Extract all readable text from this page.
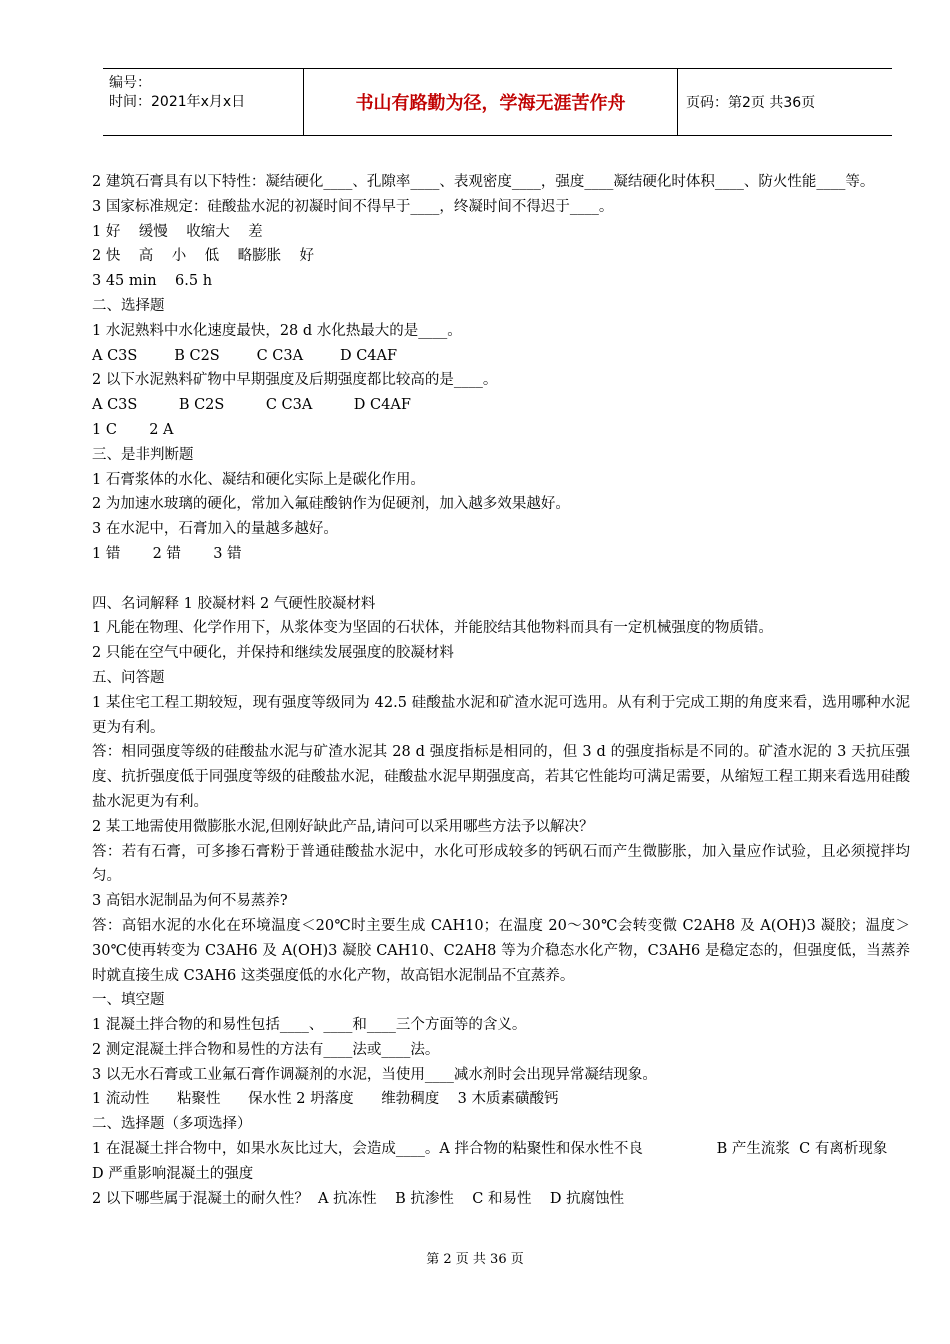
编号：
时间：2021年x月x日	书山有路勤为径，学海无涯苦作舟	页码：第2页 共36页

2 建筑石膏具有以下特性：凝结硬化____、孔隙率____、表观密度____，强度____凝结硬化时体积____、防火性能____等。

3 国家标准规定：硅酸盐水泥的初凝时间不得早于____，终凝时间不得迟于____。

1 好    缓慢    收缩大    差

2 快    高    小    低    略膨胀    好

3 45 min    6.5 h

二、选择题

1 水泥熟料中水化速度最快，28 d 水化热最大的是____。

A C3S        B C2S        C C3A        D C4AF

2 以下水泥熟料矿物中早期强度及后期强度都比较高的是____。

A C3S         B C2S         C C3A         D C4AF

1 C       2 A

三、是非判断题

1 石膏浆体的水化、凝结和硬化实际上是碳化作用。

2 为加速水玻璃的硬化，常加入氟硅酸钠作为促硬剂，加入越多效果越好。

3 在水泥中，石膏加入的量越多越好。

1 错       2 错       3 错

四、名词解释 1 胶凝材料 2 气硬性胶凝材料

1 凡能在物理、化学作用下，从浆体变为坚固的石状体，并能胶结其他物料而具有一定机械强度的物质错。

2 只能在空气中硬化，并保持和继续发展强度的胶凝材料

五、问答题

1 某住宅工程工期较短，现有强度等级同为 42.5 硅酸盐水泥和矿渣水泥可选用。从有利于完成工期的角度来看，选用哪种水泥更为有利。

答：相同强度等级的硅酸盐水泥与矿渣水泥其 28 d 强度指标是相同的，但 3 d 的强度指标是不同的。矿渣水泥的 3 天抗压强度、抗折强度低于同强度等级的硅酸盐水泥，硅酸盐水泥早期强度高，若其它性能均可满足需要，从缩短工程工期来看选用硅酸盐水泥更为有利。

2 某工地需使用微膨胀水泥,但刚好缺此产品,请问可以采用哪些方法予以解决？

答：若有石膏，可多掺石膏粉于普通硅酸盐水泥中，水化可形成较多的钙矾石而产生微膨胀，加入量应作试验，且必须搅拌均匀。

3 高铝水泥制品为何不易蒸养?

答：高铝水泥的水化在环境温度＜20℃时主要生成 CAH10；在温度 20～30℃会转变微 C2AH8 及 A(OH)3 凝胶；温度＞30℃使再转变为 C3AH6 及 A(OH)3 凝胶 CAH10、C2AH8 等为介稳态水化产物，C3AH6 是稳定态的，但强度低，当蒸养时就直接生成 C3AH6 这类强度低的水化产物，故高铝水泥制品不宜蒸养。

一、填空题

1 混凝土拌合物的和易性包括____、____和____三个方面等的含义。

2 测定混凝土拌合物和易性的方法有____法或____法。

3 以无水石膏或工业氟石膏作调凝剂的水泥，当使用____减水剂时会出现异常凝结现象。

1 流动性      粘聚性      保水性 2 坍落度      维勃稠度    3 木质素磺酸钙

二、选择题（多项选择）

1 在混凝土拌合物中，如果水灰比过大，会造成____。A 拌合物的粘聚性和保水性不良                B 产生流浆  C 有离析现象           D 严重影响混凝土的强度

2 以下哪些属于混凝土的耐久性？  A 抗冻性    B 抗渗性    C 和易性    D 抗腐蚀性

第 2 页 共 36 页
